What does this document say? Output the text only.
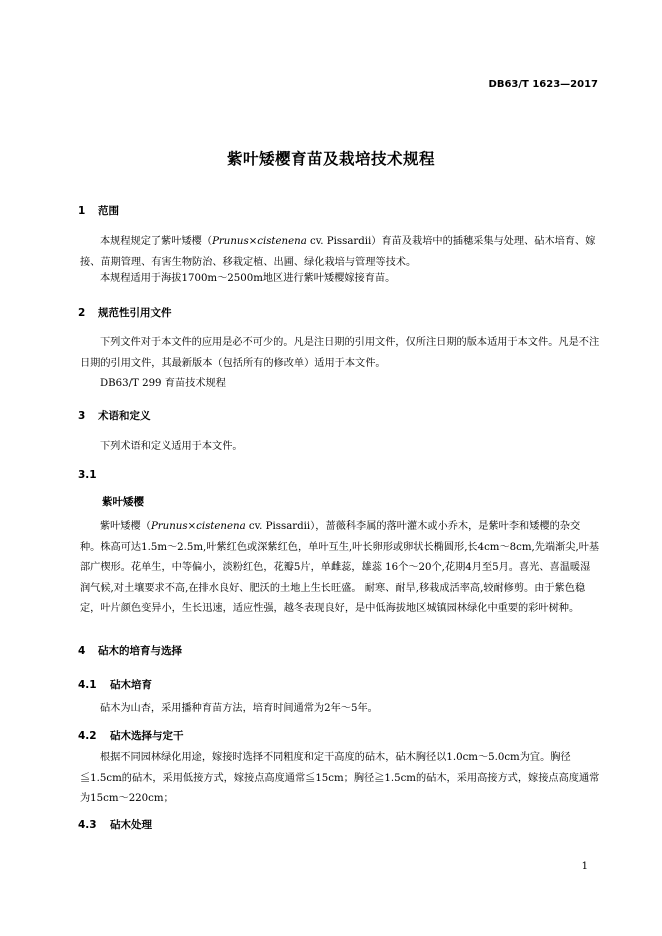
DB63/T 1623—2017
紫叶矮樱育苗及栽培技术规程
1 范围
本规程规定了紫叶矮樱（Prunus×cistenena cv. Pissardii）育苗及栽培中的插穗采集与处理、砧木培育、嫁接、苗期管理、有害生物防治、移栽定植、出圃、绿化栽培与管理等技术。
本规程适用于海拔1700m～2500m地区进行紫叶矮樱嫁接育苗。
2 规范性引用文件
下列文件对于本文件的应用是必不可少的。凡是注日期的引用文件，仅所注日期的版本适用于本文件。凡是不注日期的引用文件，其最新版本（包括所有的修改单）适用于本文件。
DB63/T 299 育苗技术规程
3 术语和定义
下列术语和定义适用于本文件。
3.1
紫叶矮樱
紫叶矮樱（Prunus×cistenena cv. Pissardii），蔷薇科李属的落叶灌木或小乔木，是紫叶李和矮樱的杂交种。株高可达1.5m～2.5m,叶紫红色或深紫红色，单叶互生,叶长卵形或卵状长椭圆形,长4cm～8cm,先端渐尖,叶基部广楔形。花单生，中等偏小，淡粉红色，花瓣5片，单雌蕊，雄蕊 16个～20个,花期4月至5月。喜光、喜温暖湿润气候,对土壤要求不高,在排水良好、肥沃的土地上生长旺盛。 耐寒、耐旱,移栽成活率高,较耐修剪。由于紫色稳定，叶片颜色变异小，生长迅速，适应性强，越冬表现良好，是中低海拔地区城镇园林绿化中重要的彩叶树种。
4 砧木的培育与选择
4.1 砧木培育
砧木为山杏，采用播种育苗方法，培育时间通常为2年～5年。
4.2 砧木选择与定干
根据不同园林绿化用途，嫁接时选择不同粗度和定干高度的砧木，砧木胸径以1.0cm～5.0cm为宜。胸径≦1.5cm的砧木，采用低接方式，嫁接点高度通常≦15cm；胸径≧1.5cm的砧木，采用高接方式，嫁接点高度通常为15cm～220cm；
4.3 砧木处理
1
